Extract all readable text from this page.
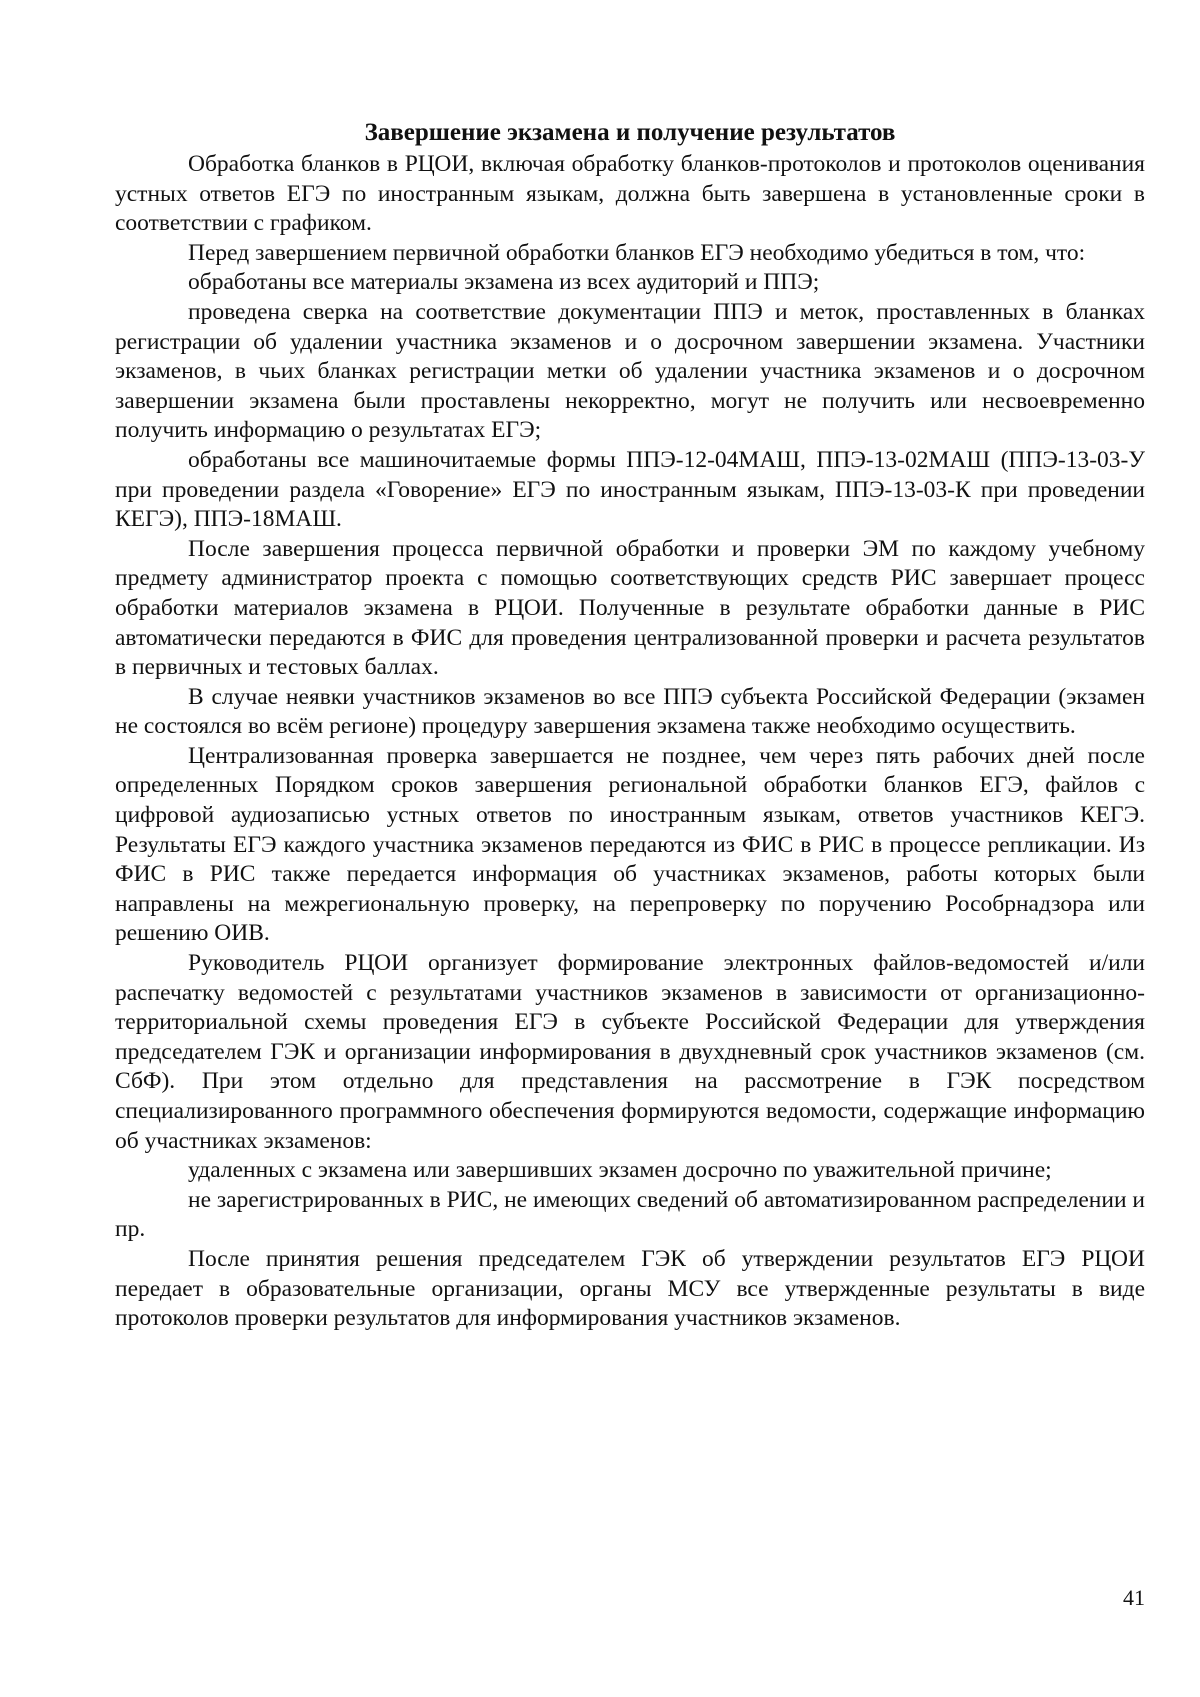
Завершение экзамена и получение результатов

Обработка бланков в РЦОИ, включая обработку бланков-протоколов и протоколов оценивания устных ответов ЕГЭ по иностранным языкам, должна быть завершена в установленные сроки в соответствии с графиком.

Перед завершением первичной обработки бланков ЕГЭ необходимо убедиться в том, что:

обработаны все материалы экзамена из всех аудиторий и ППЭ;

проведена сверка на соответствие документации ППЭ и меток, проставленных в бланках регистрации об удалении участника экзаменов и о досрочном завершении экзамена. Участники экзаменов, в чьих бланках регистрации метки об удалении участника экзаменов и о досрочном завершении экзамена были проставлены некорректно, могут не получить или несвоевременно получить информацию о результатах ЕГЭ;

обработаны все машиночитаемые формы ППЭ-12-04МАШ, ППЭ-13-02МАШ (ППЭ-13-03-У при проведении раздела «Говорение» ЕГЭ по иностранным языкам, ППЭ-13-03-К при проведении КЕГЭ), ППЭ-18МАШ.

После завершения процесса первичной обработки и проверки ЭМ по каждому учебному предмету администратор проекта с помощью соответствующих средств РИС завершает процесс обработки материалов экзамена в РЦОИ. Полученные в результате обработки данные в РИС автоматически передаются в ФИС для проведения централизованной проверки и расчета результатов в первичных и тестовых баллах.

В случае неявки участников экзаменов во все ППЭ субъекта Российской Федерации (экзамен не состоялся во всём регионе) процедуру завершения экзамена также необходимо осуществить.

Централизованная проверка завершается не позднее, чем через пять рабочих дней после определенных Порядком сроков завершения региональной обработки бланков ЕГЭ, файлов с цифровой аудиозаписью устных ответов по иностранным языкам, ответов участников КЕГЭ. Результаты ЕГЭ каждого участника экзаменов передаются из ФИС в РИС в процессе репликации. Из ФИС в РИС также передается информация об участниках экзаменов, работы которых были направлены на межрегиональную проверку, на перепроверку по поручению Рособрнадзора или решению ОИВ.

Руководитель РЦОИ организует формирование электронных файлов-ведомостей и/или распечатку ведомостей с результатами участников экзаменов в зависимости от организационно-территориальной схемы проведения ЕГЭ в субъекте Российской Федерации для утверждения председателем ГЭК и организации информирования в двухдневный срок участников экзаменов (см. СбФ). При этом отдельно для представления на рассмотрение в ГЭК посредством специализированного программного обеспечения формируются ведомости, содержащие информацию об участниках экзаменов:

удаленных с экзамена или завершивших экзамен досрочно по уважительной причине;

не зарегистрированных в РИС, не имеющих сведений об автоматизированном распределении и пр.

После принятия решения председателем ГЭК об утверждении результатов ЕГЭ РЦОИ передает в образовательные организации, органы МСУ все утвержденные результаты в виде протоколов проверки результатов для информирования участников экзаменов.

41
